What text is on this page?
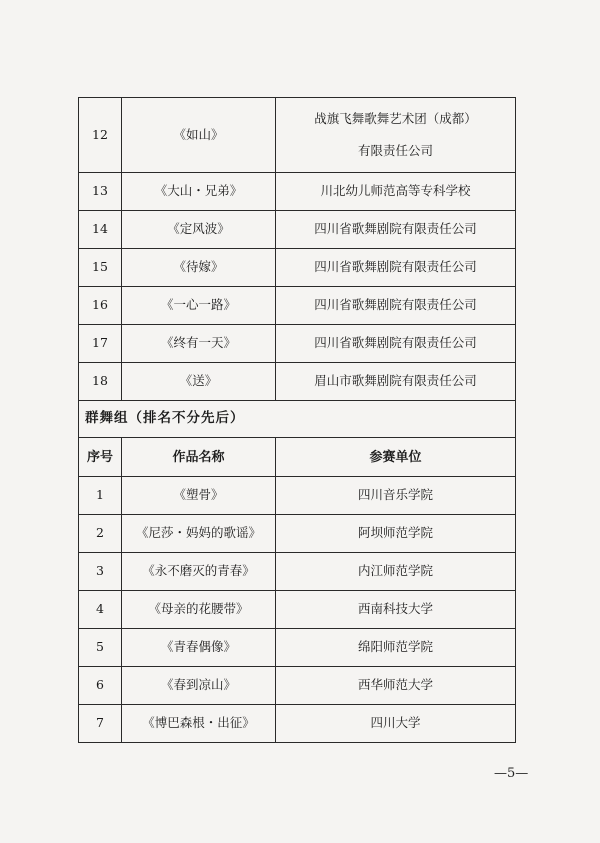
12	《如山》	战旗飞舞歌舞艺术团（成都）
有限责任公司

13	《大山・兄弟》	川北幼儿师范高等专科学校
14	《定风波》	四川省歌舞剧院有限责任公司
15	《待嫁》	四川省歌舞剧院有限责任公司
16	《一心一路》	四川省歌舞剧院有限责任公司
17	《终有一天》	四川省歌舞剧院有限责任公司
18	《送》	眉山市歌舞剧院有限责任公司
群舞组（排名不分先后）		
序号	作品名称	参赛单位
1	《塑骨》	四川音乐学院
2	《尼莎・妈妈的歌谣》	阿坝师范学院
3	《永不磨灭的青春》	内江师范学院
4	《母亲的花腰带》	西南科技大学
5	《青春偶像》	绵阳师范学院
6	《春到凉山》	西华师范大学
7	《博巴森根・出征》	四川大学
—5—
